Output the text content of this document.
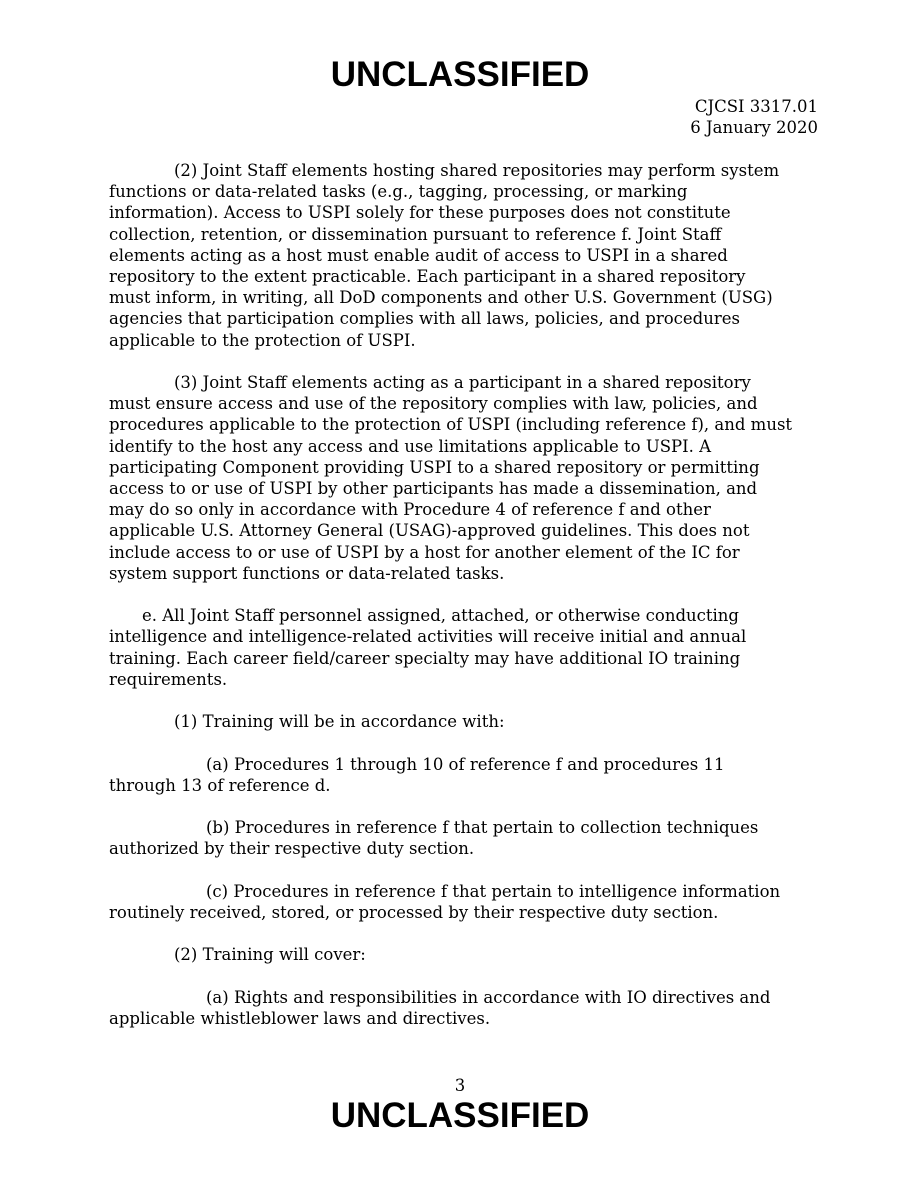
UNCLASSIFIED
CJCSI 3317.01
6 January 2020
(2) Joint Staff elements hosting shared repositories may perform system
functions or data-related tasks (e.g., tagging, processing, or marking
information). Access to USPI solely for these purposes does not constitute
collection, retention, or dissemination pursuant to reference f. Joint Staff
elements acting as a host must enable audit of access to USPI in a shared
repository to the extent practicable. Each participant in a shared repository
must inform, in writing, all DoD components and other U.S. Government (USG)
agencies that participation complies with all laws, policies, and procedures
applicable to the protection of USPI.
(3) Joint Staff elements acting as a participant in a shared repository
must ensure access and use of the repository complies with law, policies, and
procedures applicable to the protection of USPI (including reference f), and must
identify to the host any access and use limitations applicable to USPI. A
participating Component providing USPI to a shared repository or permitting
access to or use of USPI by other participants has made a dissemination, and
may do so only in accordance with Procedure 4 of reference f and other
applicable U.S. Attorney General (USAG)-approved guidelines. This does not
include access to or use of USPI by a host for another element of the IC for
system support functions or data-related tasks.
e. All Joint Staff personnel assigned, attached, or otherwise conducting
intelligence and intelligence-related activities will receive initial and annual
training. Each career field/career specialty may have additional IO training
requirements.
(1) Training will be in accordance with:
(a) Procedures 1 through 10 of reference f and procedures 11
through 13 of reference d.
(b) Procedures in reference f that pertain to collection techniques
authorized by their respective duty section.
(c) Procedures in reference f that pertain to intelligence information
routinely received, stored, or processed by their respective duty section.
(2) Training will cover:
(a) Rights and responsibilities in accordance with IO directives and
applicable whistleblower laws and directives.
3
UNCLASSIFIED
